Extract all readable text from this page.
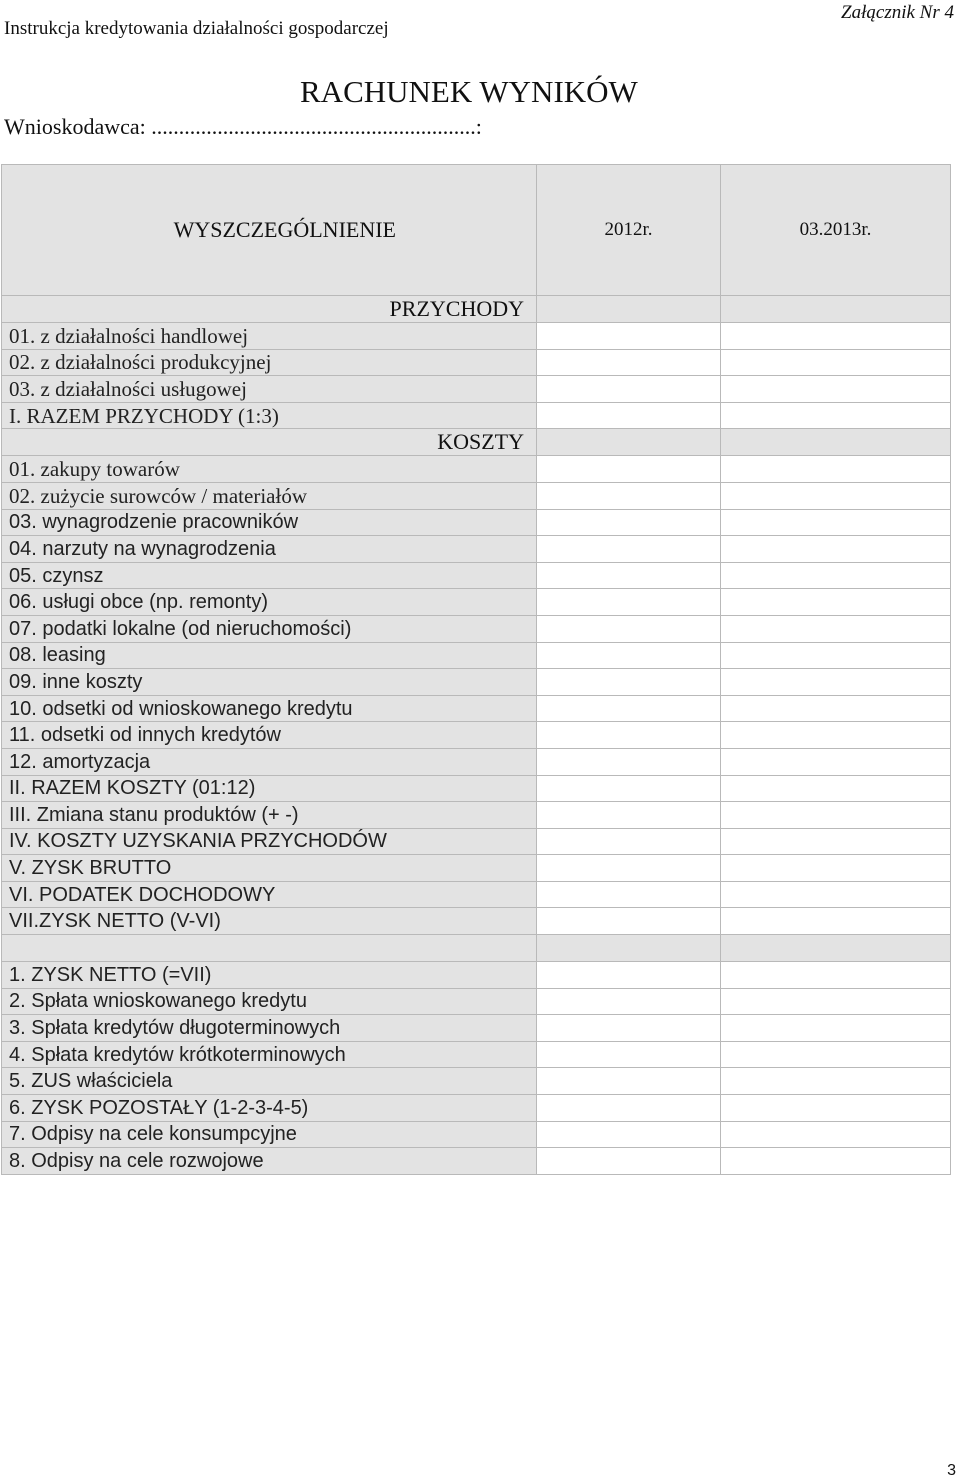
Instrukcja kredytowania działalności gospodarczej
Załącznik Nr 4
RACHUNEK WYNIKÓW
Wnioskodawca: ...........................................................:
WYSZCZEGÓLNIENIE	2012r.	03.2013r.
PRZYCHODY		
01. z działalności handlowej		
02. z działalności produkcyjnej		
03. z działalności usługowej		
I. RAZEM PRZYCHODY (1:3)		
KOSZTY		
01. zakupy towarów		
02. zużycie surowców / materiałów		
03. wynagrodzenie pracowników		
04. narzuty na wynagrodzenia		
05. czynsz		
06. usługi obce (np. remonty)		
07. podatki lokalne (od nieruchomości)		
08. leasing		
09. inne koszty		
10. odsetki od wnioskowanego kredytu		
11. odsetki od innych kredytów		
12. amortyzacja		
II. RAZEM KOSZTY (01:12)		
III. Zmiana stanu produktów (+ -)		
IV. KOSZTY UZYSKANIA PRZYCHODÓW		
V. ZYSK BRUTTO		
VI. PODATEK DOCHODOWY		
VII.ZYSK NETTO (V-VI)		

1. ZYSK NETTO (=VII)		
2. Spłata wnioskowanego kredytu		
3. Spłata kredytów długoterminowych		
4. Spłata kredytów krótkoterminowych		
5. ZUS właściciela		
6. ZYSK POZOSTAŁY (1-2-3-4-5)		
7. Odpisy na cele konsumpcyjne		
8. Odpisy na cele rozwojowe		
3
